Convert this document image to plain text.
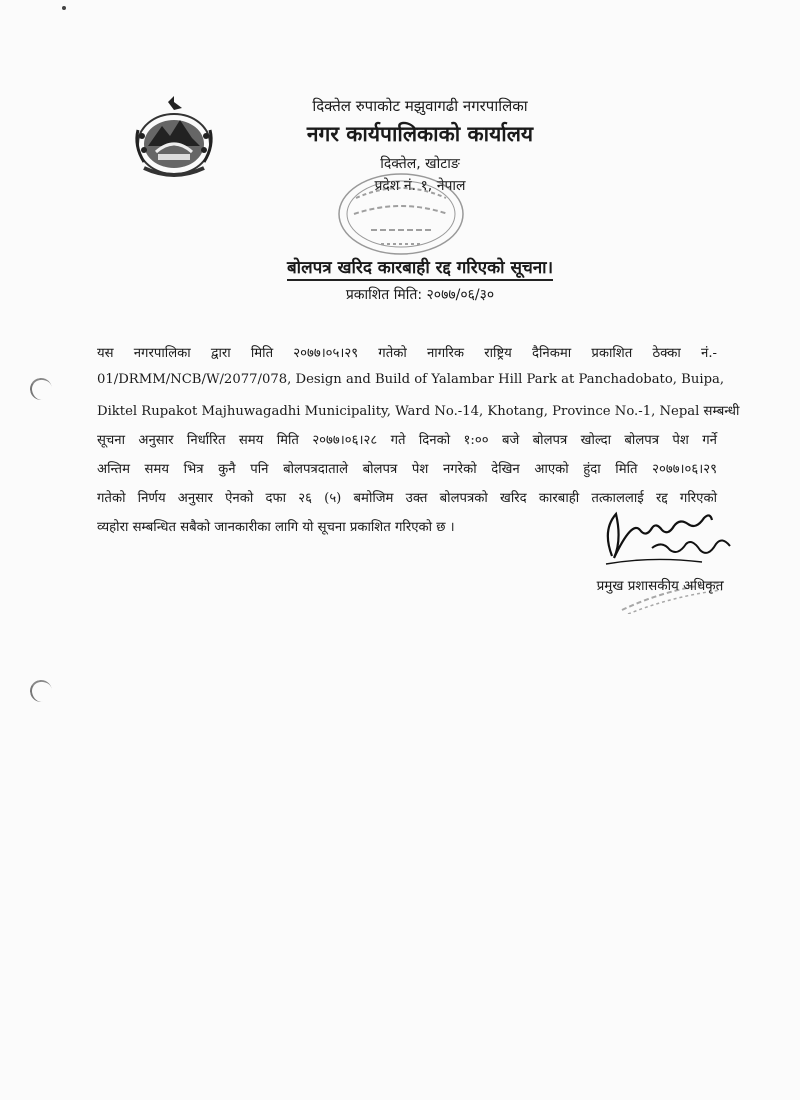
दिक्तेल रुपाकोट मझुवागढी नगरपालिका
नगर कार्यपालिकाको कार्यालय
दिक्तेल, खोटाङ
प्रदेश नं. १, नेपाल
बोलपत्र खरिद कारबाही रद्द गरिएको सूचना।
प्रकाशित मिति: २०७७/०६/३०
यस नगरपालिका द्वारा मिति २०७७।०५।२९ गतेको नागरिक राष्ट्रिय दैनिकमा प्रकाशित ठेक्का नं.-
01/DRMM/NCB/W/2077/078, Design and Build of Yalambar Hill Park at Panchadobato, Buipa,
Diktel Rupakot Majhuwagadhi Municipality, Ward No.-14, Khotang, Province No.-1, Nepal सम्बन्धी
सूचना अनुसार निर्धारित समय मिति २०७७।०६।२८ गते दिनको १:०० बजे बोलपत्र खोल्दा बोलपत्र पेश गर्ने
अन्तिम समय भित्र कुनै पनि बोलपत्रदाताले बोलपत्र पेश नगरेको देखिन आएको हुंदा मिति २०७७।०६।२९
गतेको निर्णय अनुसार ऐनको दफा २६ (५) बमोजिम उक्त बोलपत्रको खरिद कारबाही तत्काललाई रद्द गरिएको
व्यहोरा सम्बन्धित सबैको जानकारीका लागि यो सूचना प्रकाशित गरिएको छ ।
प्रमुख प्रशासकीय अधिकृत
